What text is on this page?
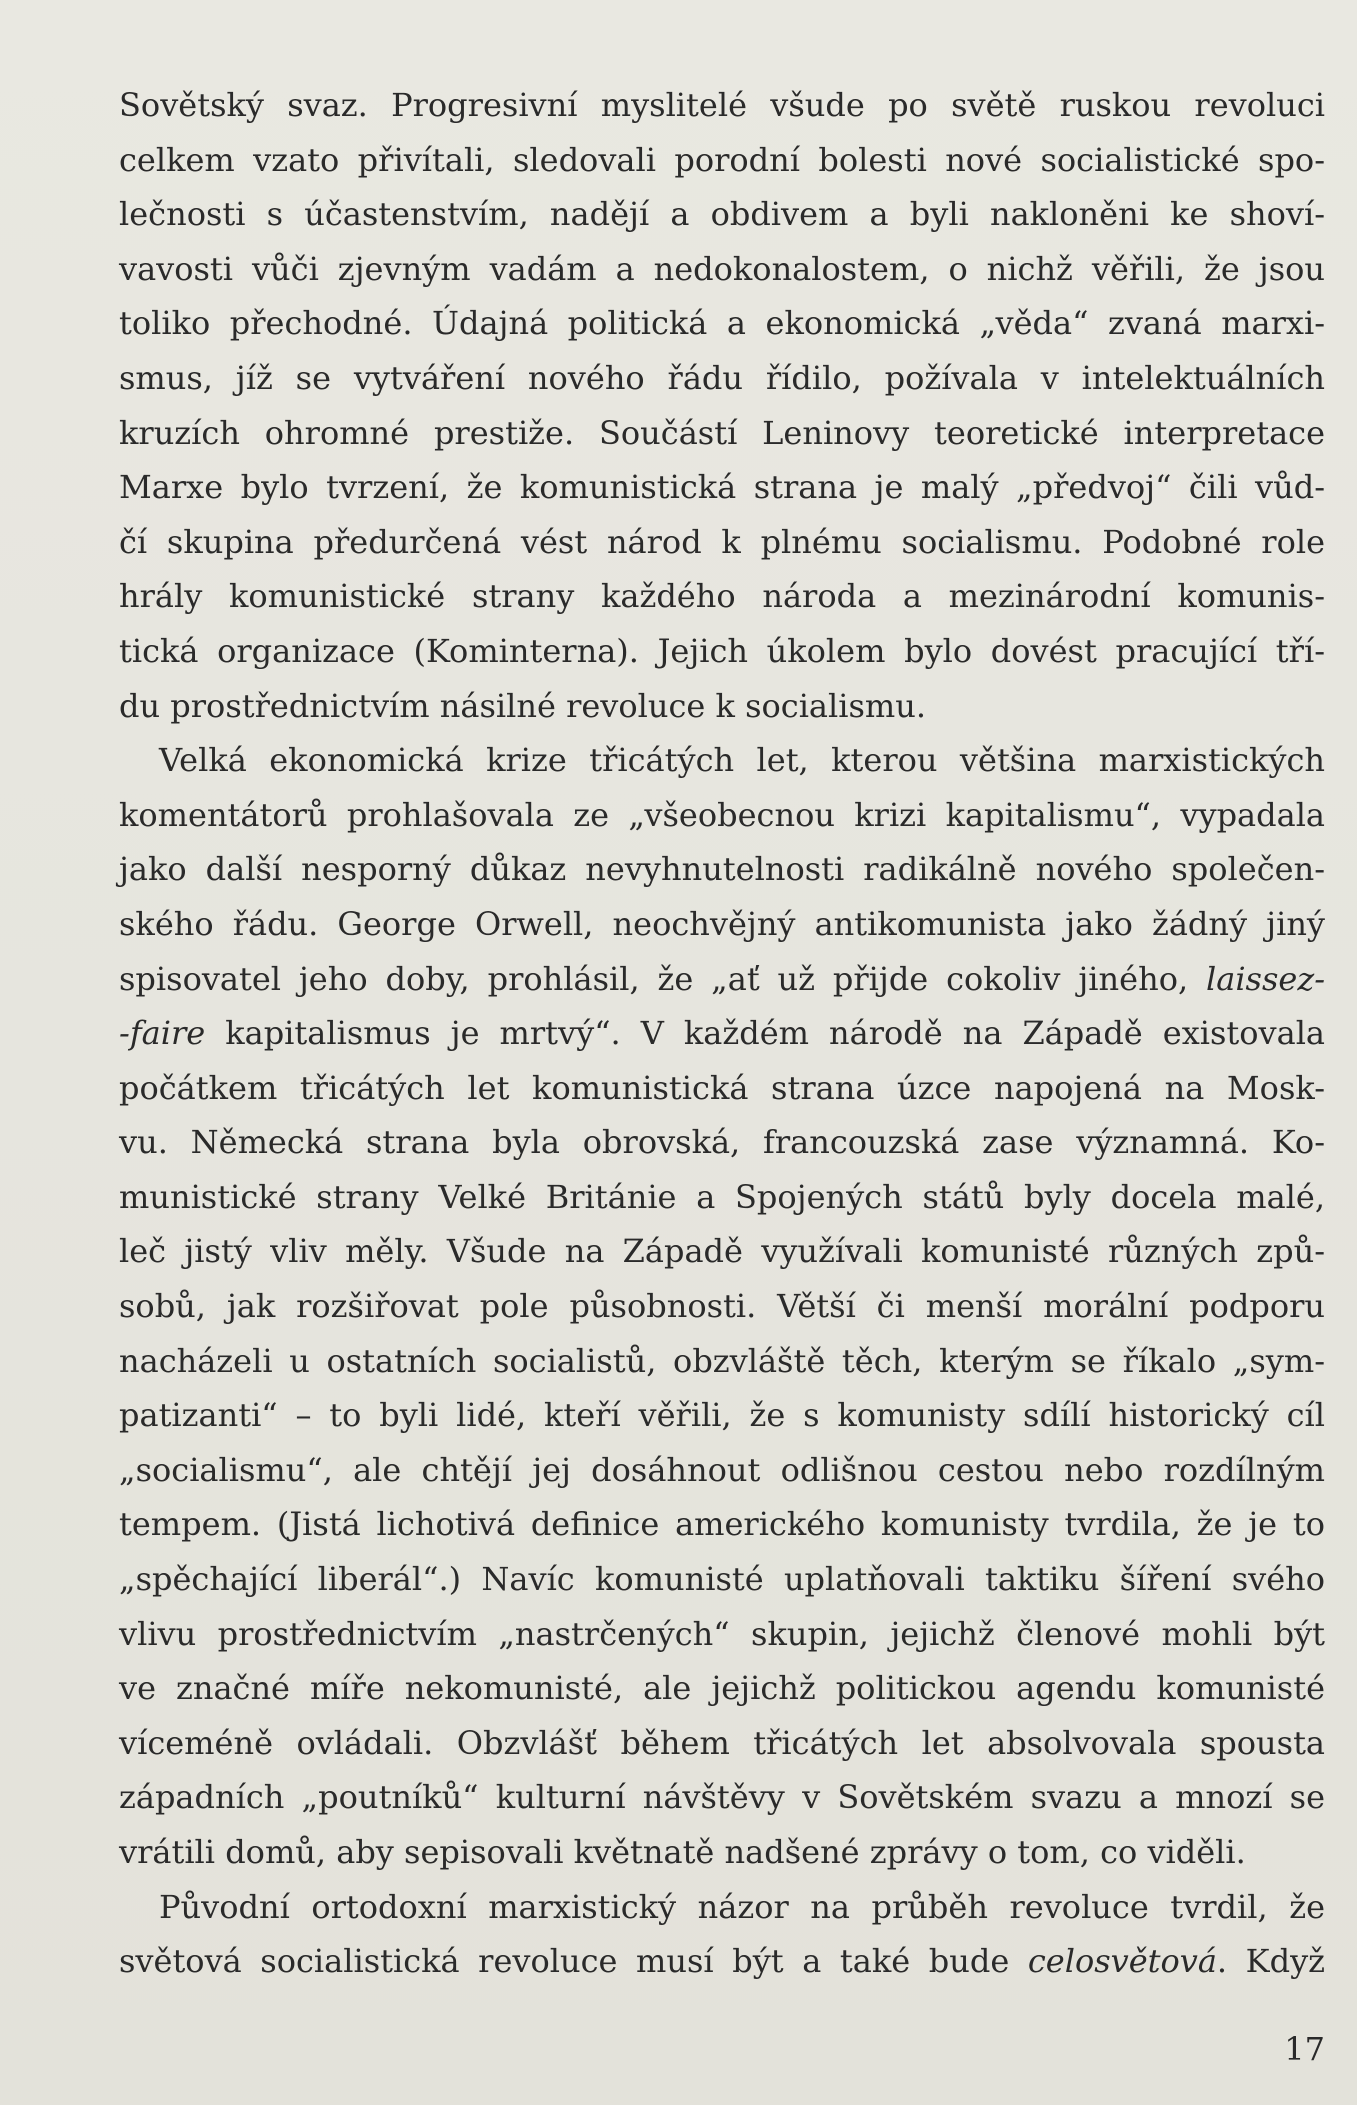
Sovětský svaz. Progresivní myslitelé všude po světě ruskou revoluci
celkem vzato přivítali, sledovali porodní bolesti nové socialistické spo-
lečnosti s účastenstvím, nadějí a obdivem a byli nakloněni ke shoví-
vavosti vůči zjevným vadám a nedokonalostem, o nichž věřili, že jsou
toliko přechodné. Údajná politická a ekonomická „věda“ zvaná marxi-
smus, jíž se vytváření nového řádu řídilo, požívala v intelektuálních
kruzích ohromné prestiže. Součástí Leninovy teoretické interpretace
Marxe bylo tvrzení, že komunistická strana je malý „předvoj“ čili vůd-
čí skupina předurčená vést národ k plnému socialismu. Podobné role
hrály komunistické strany každého národa a mezinárodní komunis-
tická organizace (Kominterna). Jejich úkolem bylo dovést pracující tří-
du prostřednictvím násilné revoluce k socialismu.
Velká ekonomická krize třicátých let, kterou většina marxistických
komentátorů prohlašovala ze „všeobecnou krizi kapitalismu“, vypadala
jako další nesporný důkaz nevyhnutelnosti radikálně nového společen-
ského řádu. George Orwell, neochvějný antikomunista jako žádný jiný
spisovatel jeho doby, prohlásil, že „ať už přijde cokoliv jiného, laissez-
-faire kapitalismus je mrtvý“. V každém národě na Západě existovala
počátkem třicátých let komunistická strana úzce napojená na Mosk-
vu. Německá strana byla obrovská, francouzská zase významná. Ko-
munistické strany Velké Británie a Spojených států byly docela malé,
leč jistý vliv měly. Všude na Západě využívali komunisté různých způ-
sobů, jak rozšiřovat pole působnosti. Větší či menší morální podporu
nacházeli u ostatních socialistů, obzvláště těch, kterým se říkalo „sym-
patizanti“ – to byli lidé, kteří věřili, že s komunisty sdílí historický cíl
„socialismu“, ale chtějí jej dosáhnout odlišnou cestou nebo rozdílným
tempem. (Jistá lichotivá definice amerického komunisty tvrdila, že je to
„spěchající liberál“.) Navíc komunisté uplatňovali taktiku šíření svého
vlivu prostřednictvím „nastrčených“ skupin, jejichž členové mohli být
ve značné míře nekomunisté, ale jejichž politickou agendu komunisté
víceméně ovládali. Obzvlášť během třicátých let absolvovala spousta
západních „poutníků“ kulturní návštěvy v Sovětském svazu a mnozí se
vrátili domů, aby sepisovali květnatě nadšené zprávy o tom, co viděli.
Původní ortodoxní marxistický názor na průběh revoluce tvrdil, že
světová socialistická revoluce musí být a také bude celosvětová. Když
17
